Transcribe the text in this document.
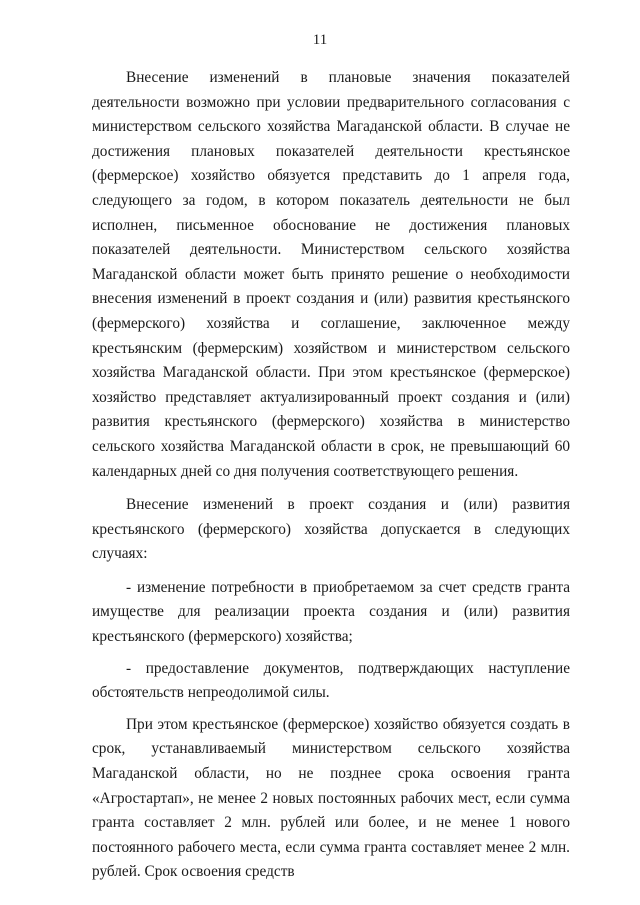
11

Внесение изменений в плановые значения показателей деятельности возможно при условии предварительного согласования с министерством сельского хозяйства Магаданской области. В случае не достижения плановых показателей деятельности крестьянское (фермерское) хозяйство обязуется представить до 1 апреля года, следующего за годом, в котором показатель деятельности не был исполнен, письменное обоснование не достижения плановых показателей деятельности. Министерством сельского хозяйства Магаданской области может быть принято решение о необходимости внесения изменений в проект создания и (или) развития крестьянского (фермерского) хозяйства и соглашение, заключенное между крестьянским (фермерским) хозяйством и министерством сельского хозяйства Магаданской области. При этом крестьянское (фермерское) хозяйство представляет актуализированный проект создания и (или) развития крестьянского (фермерского) хозяйства в министерство сельского хозяйства Магаданской области в срок, не превышающий 60 календарных дней со дня получения соответствующего решения.

Внесение изменений в проект создания и (или) развития крестьянского (фермерского) хозяйства допускается в следующих случаях:

- изменение потребности в приобретаемом за счет средств гранта имуществе для реализации проекта создания и (или) развития крестьянского (фермерского) хозяйства;

- предоставление документов, подтверждающих наступление обстоятельств непреодолимой силы.

При этом крестьянское (фермерское) хозяйство обязуется создать в срок, устанавливаемый министерством сельского хозяйства Магаданской области, но не позднее срока освоения гранта «Агростартап», не менее 2 новых постоянных рабочих мест, если сумма гранта составляет 2 млн. рублей или более, и не менее 1 нового постоянного рабочего места, если сумма гранта составляет менее 2 млн. рублей. Срок освоения средств
